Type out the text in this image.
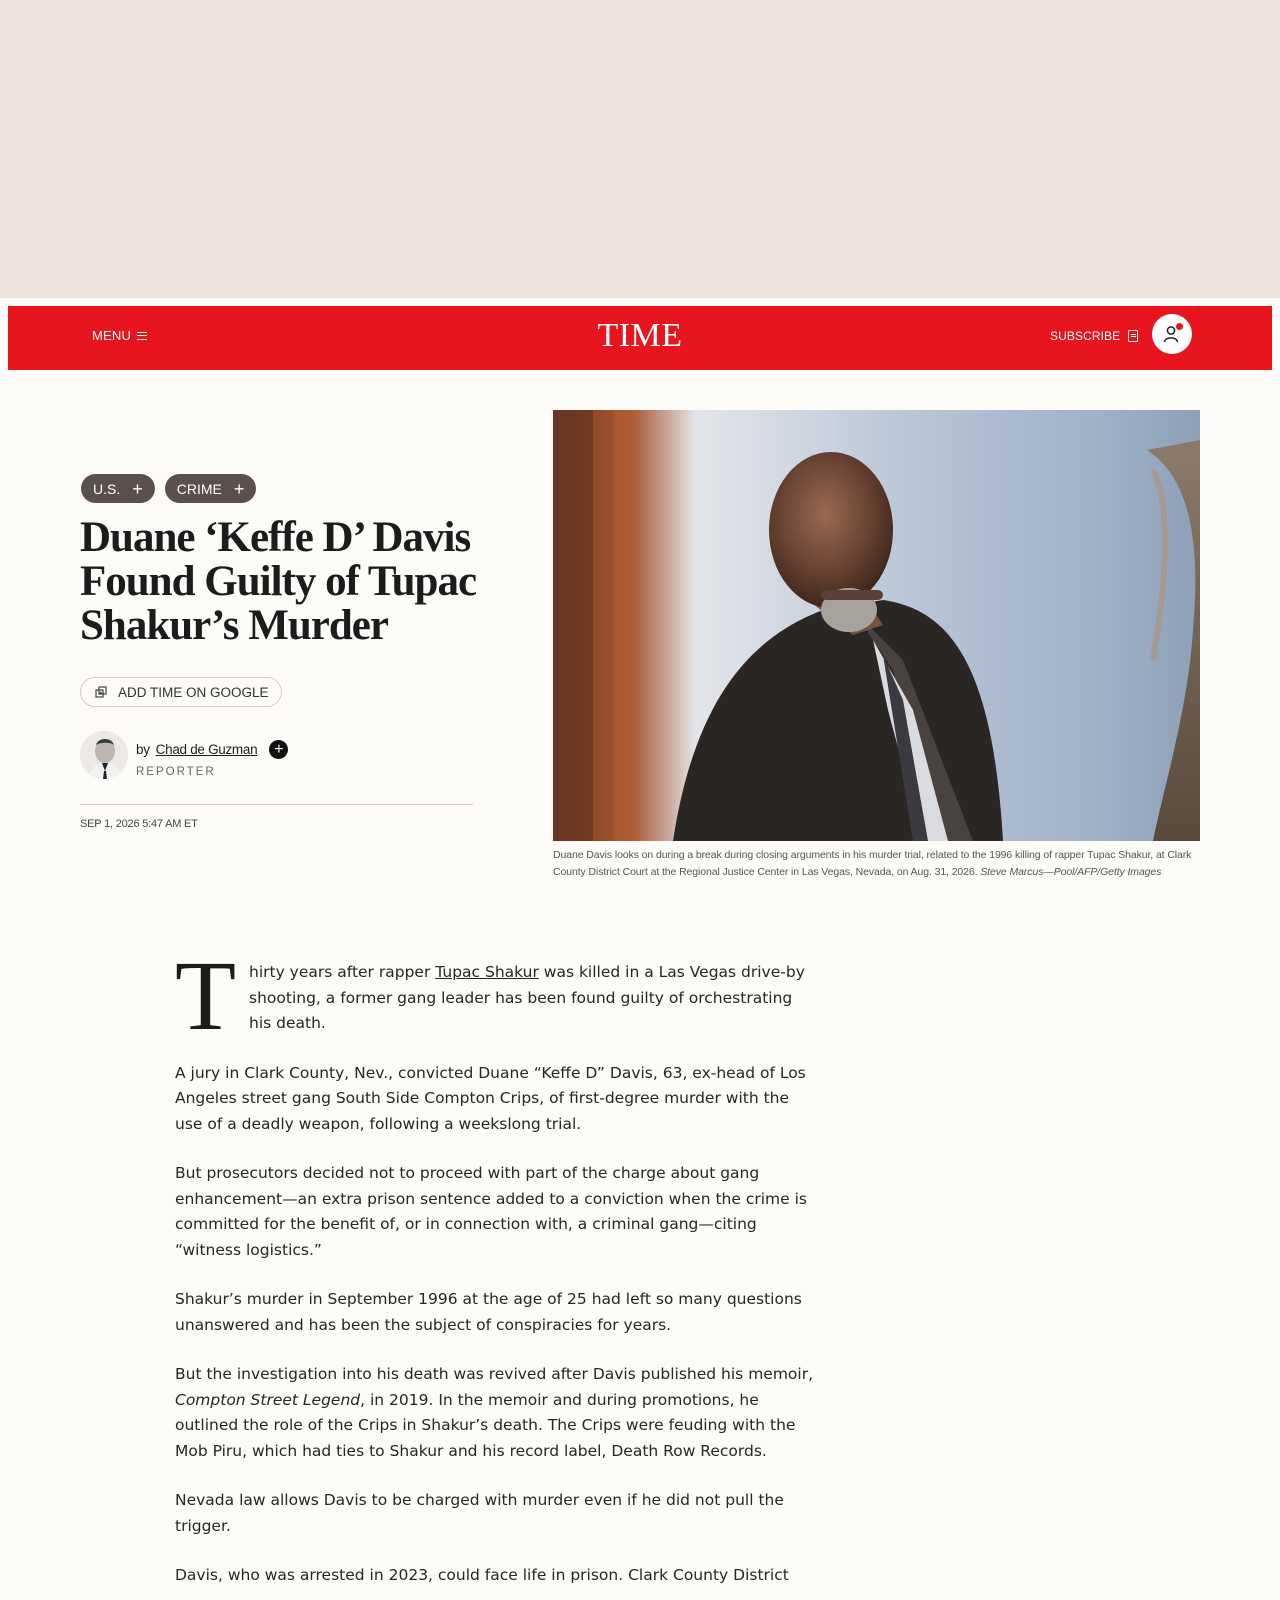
MENU	TIME	SUBSCRIBE
Duane Davis looks on during a break during closing arguments in his murder trial, related to the 1996 killing of rapper Tupac Shakur, at Clark County District Court at the Regional Justice Center in Las Vegas, Nevada, on Aug. 31, 2026. Steve Marcus—Pool/AFP/Getty Images
U.S. + CRIME +
Duane ‘Keffe D’ Davis Found Guilty of Tupac Shakur’s Murder
ADD TIME ON GOOGLE
by Chad de Guzman	+
REPORTER
SEP 1, 2026 5:47 AM ET

T hirty years after rapper Tupac Shakur was killed in a Las Vegas drive-by shooting, a former gang leader has been found guilty of orchestrating his death.

A jury in Clark County, Nev., convicted Duane “Keffe D” Davis, 63, ex-head of Los Angeles street gang South Side Compton Crips, of first-degree murder with the use of a deadly weapon, following a weekslong trial.

But prosecutors decided not to proceed with part of the charge about gang enhancement—an extra prison sentence added to a conviction when the crime is committed for the benefit of, or in connection with, a criminal gang—citing “witness logistics.”

Shakur’s murder in September 1996 at the age of 25 had left so many questions unanswered and has been the subject of conspiracies for years.

But the investigation into his death was revived after Davis published his memoir, Compton Street Legend, in 2019. In the memoir and during promotions, he outlined the role of the Crips in Shakur’s death. The Crips were feuding with the Mob Piru, which had ties to Shakur and his record label, Death Row Records.

Nevada law allows Davis to be charged with murder even if he did not pull the trigger.

Davis, who was arrested in 2023, could face life in prison. Clark County District
